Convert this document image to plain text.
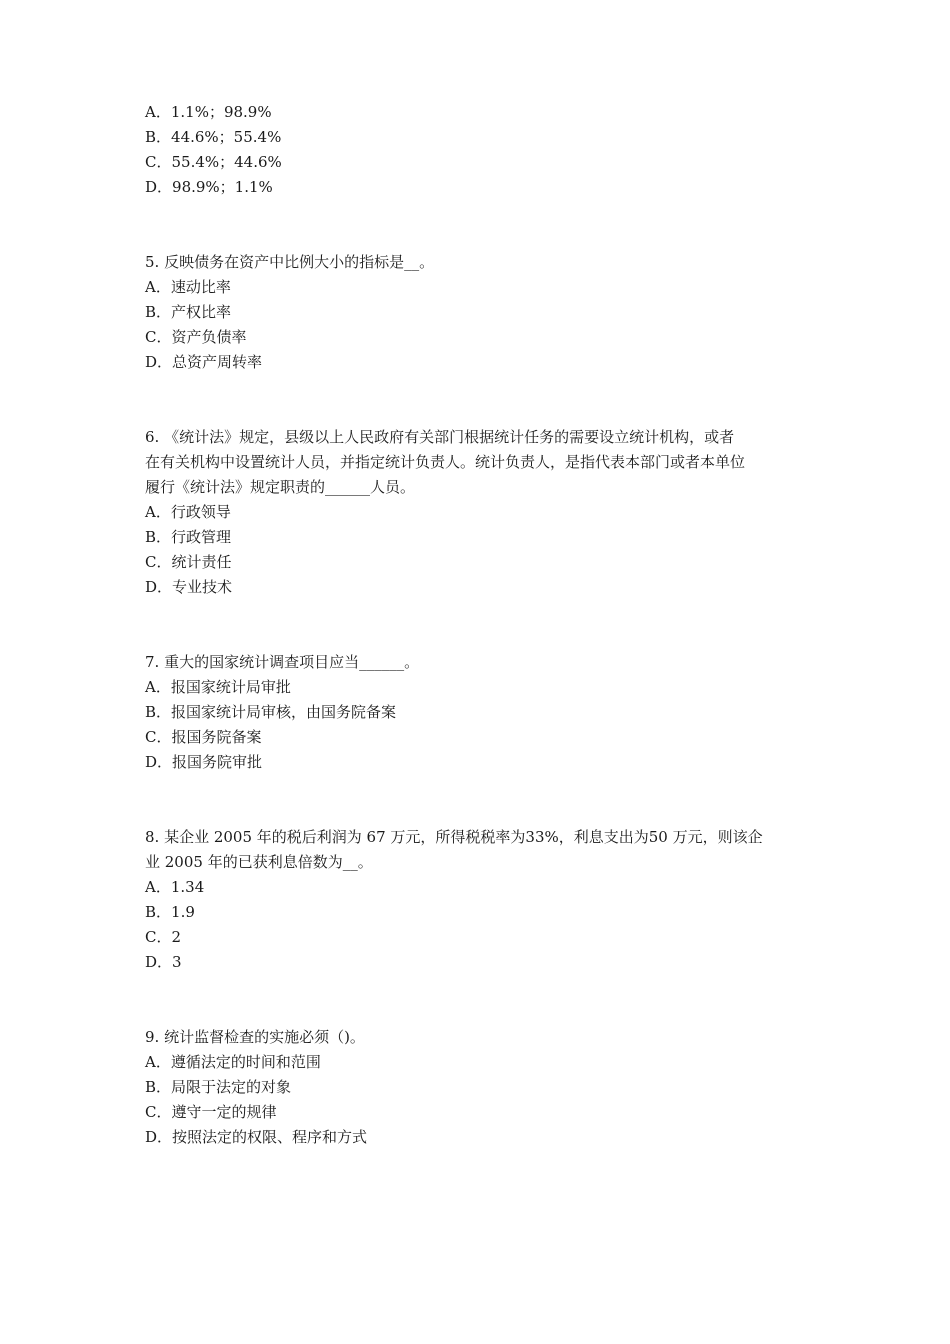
A．1.1%；98.9%
B．44.6%；55.4%
C．55.4%；44.6%
D．98.9%；1.1%
5. 反映债务在资产中比例大小的指标是__。
A．速动比率
B．产权比率
C．资产负债率
D．总资产周转率
6. 《统计法》规定，县级以上人民政府有关部门根据统计任务的需要设立统计机构，或者
在有关机构中设置统计人员，并指定统计负责人。统计负责人，是指代表本部门或者本单位
履行《统计法》规定职责的______人员。
A．行政领导
B．行政管理
C．统计责任
D．专业技术
7. 重大的国家统计调查项目应当______。
A．报国家统计局审批
B．报国家统计局审核，由国务院备案
C．报国务院备案
D．报国务院审批
8. 某企业 2005 年的税后利润为 67 万元，所得税税率为33%，利息支出为50 万元，则该企
业 2005 年的已获利息倍数为__。
A．1.34
B．1.9
C．2
D．3
9. 统计监督检查的实施必须（)。
A．遵循法定的时间和范围
B．局限于法定的对象
C．遵守一定的规律
D．按照法定的权限、程序和方式
